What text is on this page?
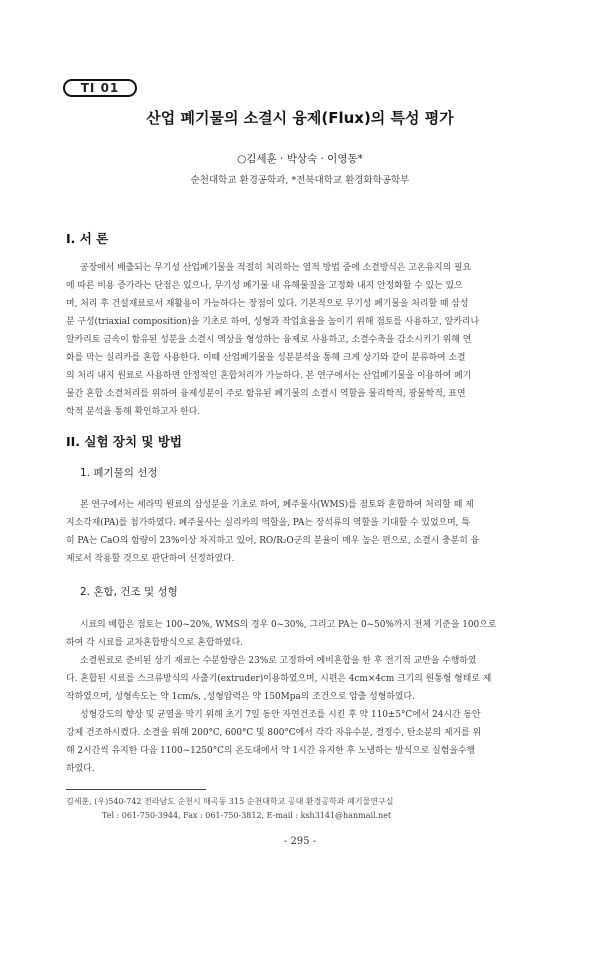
TI 01
산업 폐기물의 소결시 융제(Flux)의 특성 평가
○김세훈 · 박상숙 · 이영동*
순천대학교 환경공학과, *전북대학교 환경화학공학부
I. 서 론
공장에서 배출되는 무기성 산업폐기물을 적절히 처리하는 열적 방법 중에 소결방식은 고온유지의 필요
에 따른 비용 증가라는 단점은 있으나, 무기성 폐기물 내 유해물질을 고정화 내지 안정화할 수 있는 있으
며, 처리 후 건설재료로서 재활용이 가능하다는 장점이 있다. 기본적으로 무기성 폐기물을 처리할 때 삼성
분 구성(triaxial composition)을 기초로 하여, 성형과 작업효율을 높이기 위해 점토를 사용하고, 알카리나
알카리토 금속이 함유된 성분을 소결시 액상을 형성하는 융제로 사용하고, 소결수축을 감소시키기 위해 연
화를 막는 실리카를 혼합 사용한다. 이때 산업폐기물을 성분분석을 통해 크게 상기와 같이 분류하여 소결
의 처리 내지 원료로 사용하면 안정적인 혼합처리가 가능하다. 본 연구에서는 산업폐기물을 이용하여 폐기
물간 혼합 소결처리를 위하여 융제성분이 주로 함유된 폐기물의 소결시 역할을 물리학적, 광물학적, 표면
학적 분석을 통해 확인하고자 한다.
II. 실험 장치 및 방법
1. 폐기물의 선정
본 연구에서는 세라믹 원료의 삼성분을 기초로 하여, 폐주물사(WMS)를 점토와 혼합하여 처리할 때 제
지소각재(PA)를 첨가하였다. 폐주물사는 실리카의 역할을, PA는 장석류의 역할을 기대할 수 있었으며, 특
히 PA는 CaO의 함량이 23%이상 차지하고 있어, RO/R₂O군의 분율이 매우 높은 편으로, 소결시 충분히 융
제로서 작용할 것으로 판단하여 선정하였다.
2. 혼합, 건조 및 성형
시료의 배합은 점토는 100~20%, WMS의 경우 0~30%, 그리고 PA는 0~50%까지 전체 기준을 100으로
하여 각 시료를 교차혼합방식으로 혼합하였다.
소결원료로 준비된 상기 재료는 수분함량은 23%로 고정하여 예비혼합을 한 후 전기적 교반을 수행하였
다. 혼합된 시료를 스크류방식의 사출기(extruder)이용하였으며, 시편은 4cm×4cm 크기의 원통형 형태로 제
작하였으며, 성형속도는 약 1cm/s, ,성형압력은 약 150Mpa의 조건으로 압출 성형하였다.
성형강도의 향상 및 균열을 막기 위해 초기 7일 동안 자연건조를 시킨 후 약 110±5°C에서 24시간 동안
강제 건조하시켰다. 소결을 위해 200°C, 600°C 및 800°C에서 각각 자유수분, 결정수, 탄소분의 제거를 위
해 2시간씩 유지한 다음 1100~1250°C의 온도대에서 약 1시간 유지한 후 노냉하는 방식으로 실험을수행
하였다.
김세훈, (우)540-742 전라남도 순천시 매곡동 315 순천대학교 공대 환경공학과 폐기물연구실
Tel : 061-750-3944, Fax : 061-750-3812, E-mail : ksh3141@hanmail.net
- 295 -
